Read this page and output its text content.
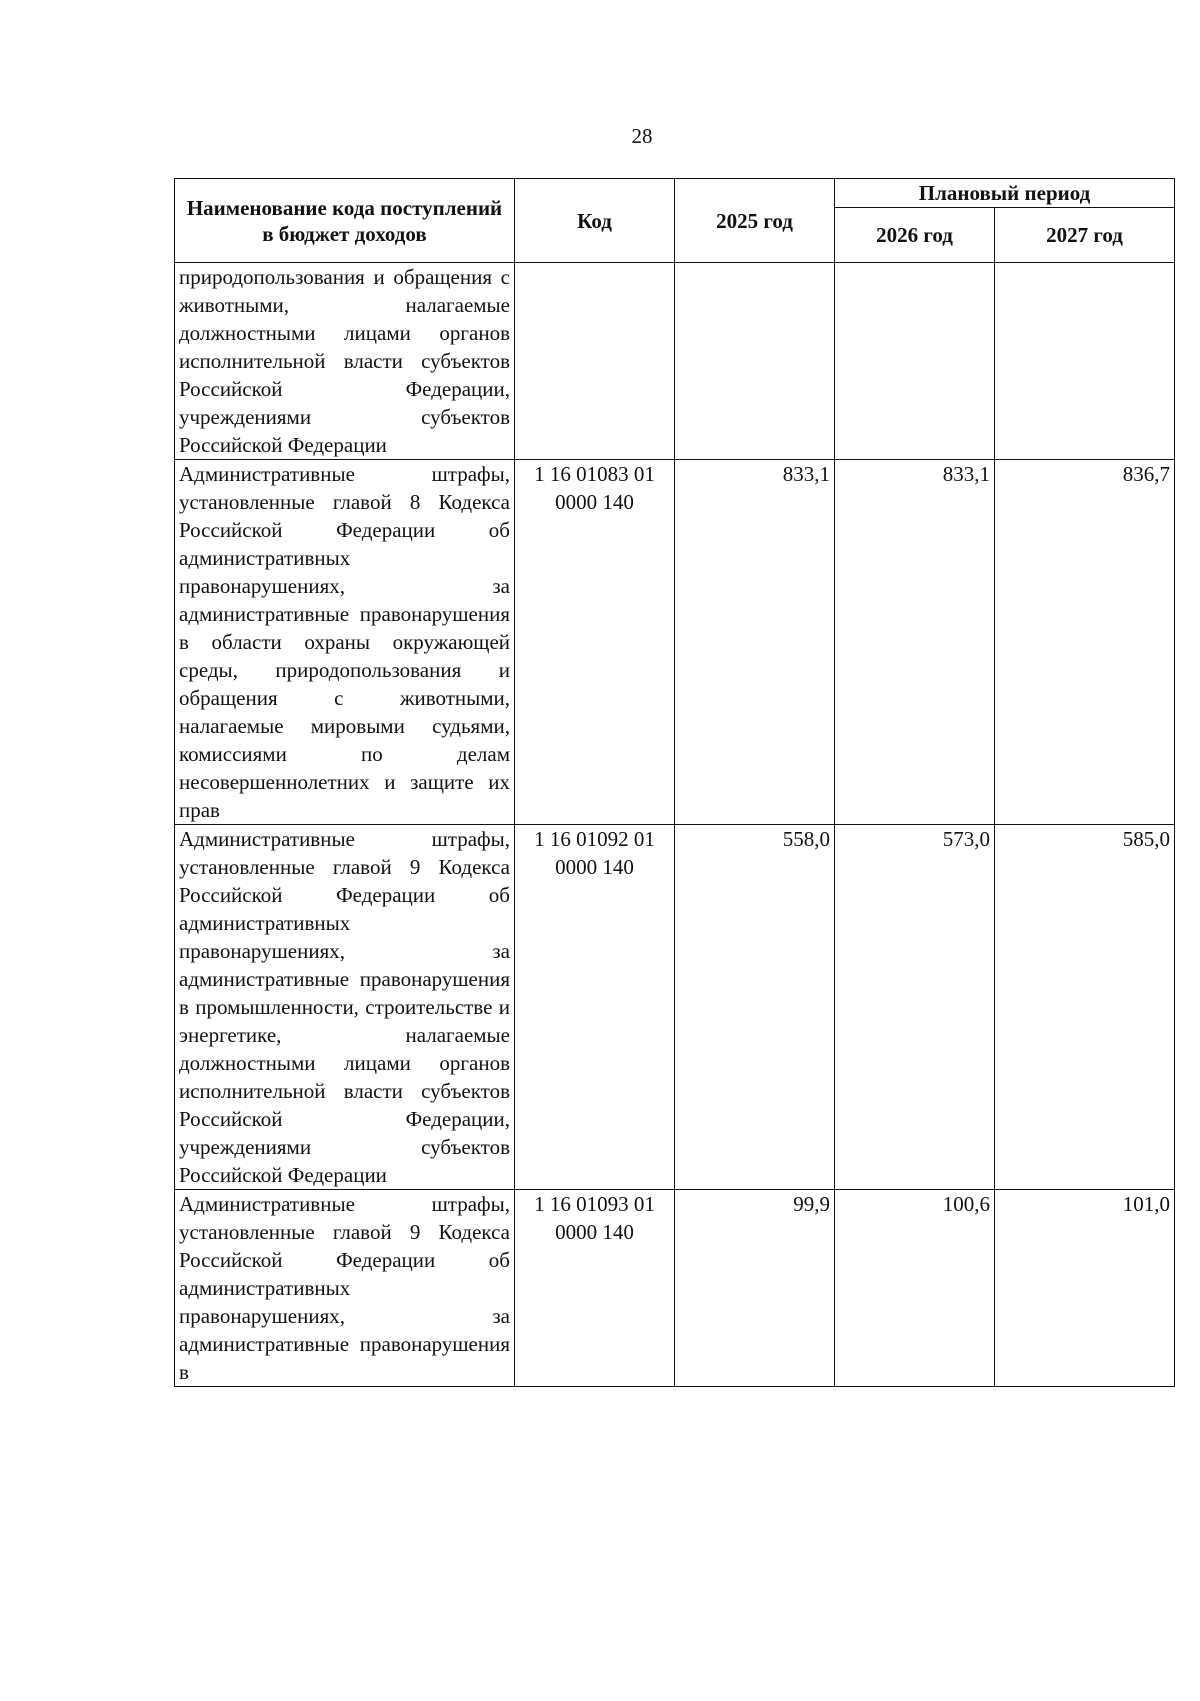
28
Наименование кода поступлений в бюджет доходов	Код	2025 год	Плановый период	
			2026 год	2027 год
природопользования и обращения с животными, налагаемые должностными лицами органов исполнительной власти субъектов Российской Федерации, учреждениями субъектов Российской Федерации				
Административные штрафы, установленные главой 8 Кодекса Российской Федерации об административных правонарушениях, за административные правонарушения в области охраны окружающей среды, природопользования и обращения с животными, налагаемые мировыми судьями, комиссиями по делам несовершеннолетних и защите их прав	1 16 01083 01 0000 140	833,1	833,1	836,7
Административные штрафы, установленные главой 9 Кодекса Российской Федерации об административных правонарушениях, за административные правонарушения в промышленности, строительстве и энергетике, налагаемые должностными лицами органов исполнительной власти субъектов Российской Федерации, учреждениями субъектов Российской Федерации	1 16 01092 01 0000 140	558,0	573,0	585,0
Административные штрафы, установленные главой 9 Кодекса Российской Федерации об административных правонарушениях, за административные правонарушения в	1 16 01093 01 0000 140	99,9	100,6	101,0
